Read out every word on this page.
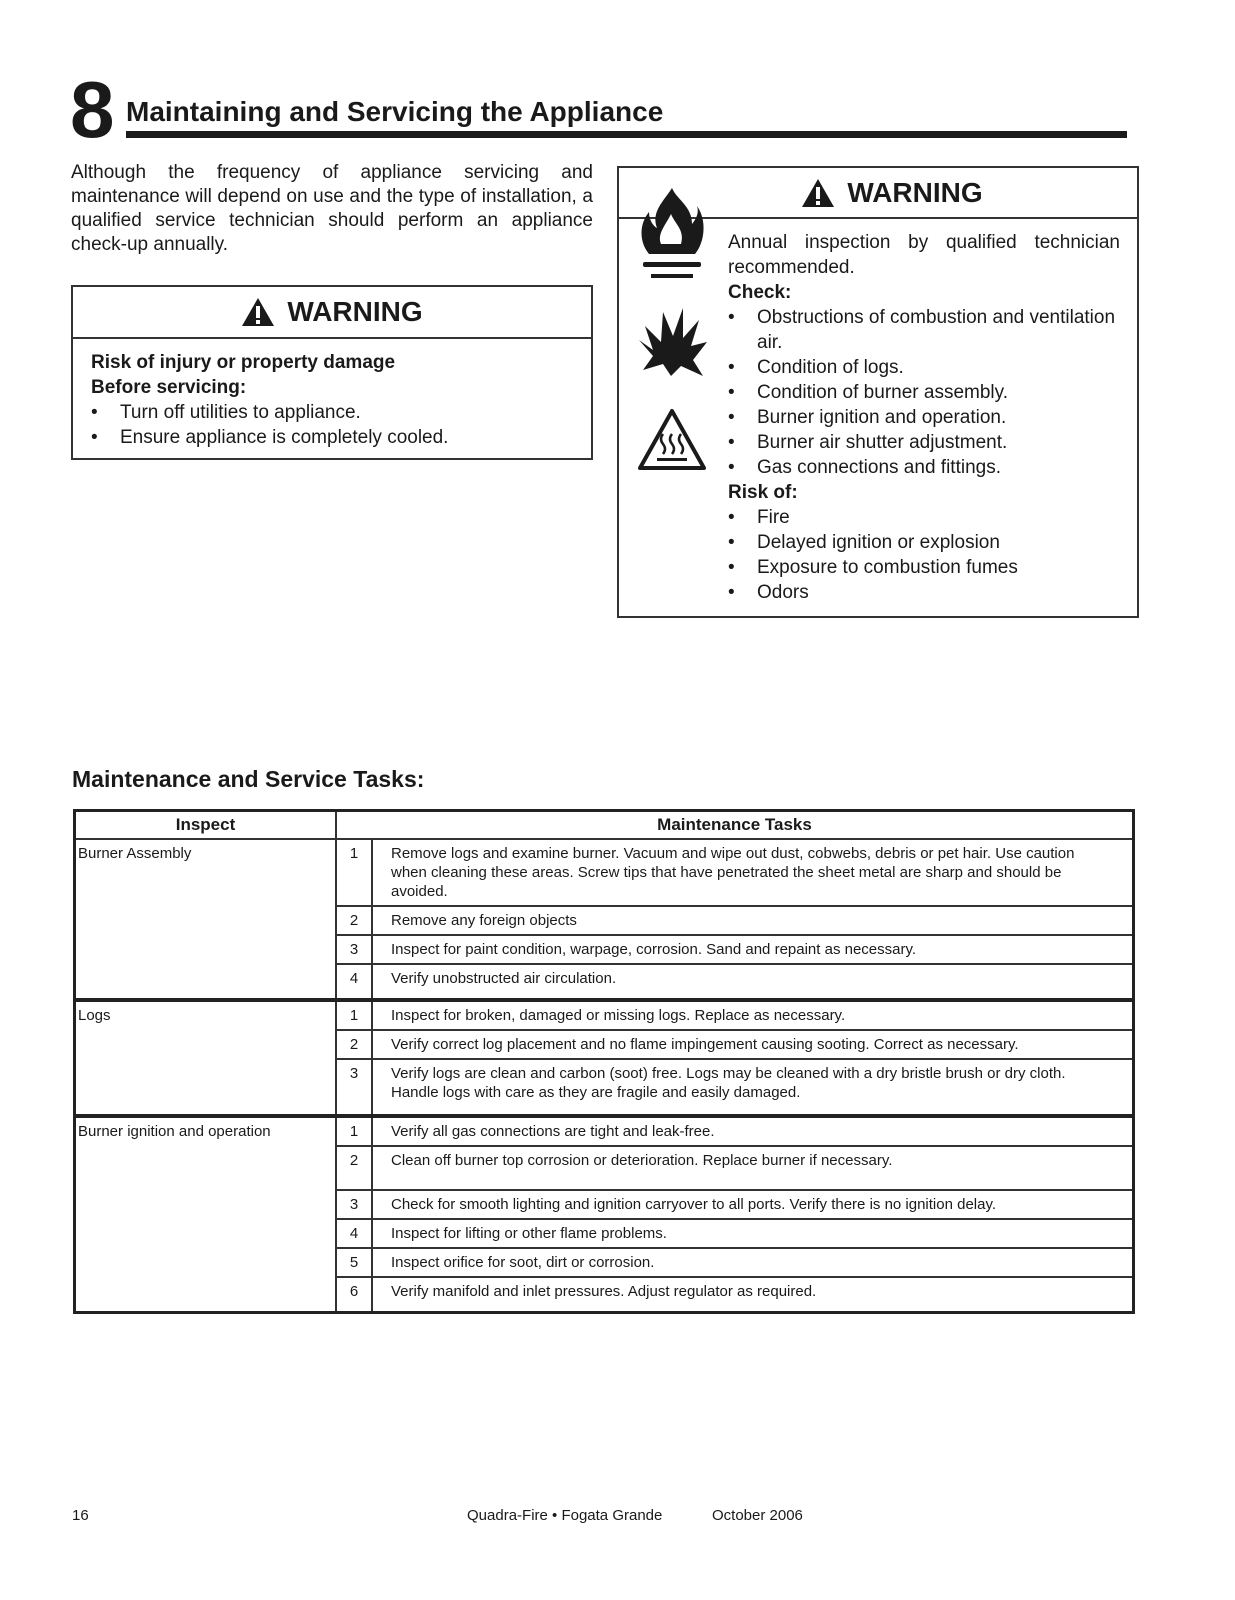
8 Maintaining and Servicing the Appliance
Although the frequency of appliance servicing and maintenance will depend on use and the type of installation, a qualified service technician should perform an appliance check-up annually.
WARNING
Risk of injury or property damage
Before servicing:
•	Turn off utilities to appliance.
•	Ensure appliance is completely cooled.
WARNING
Annual inspection by qualified technician recommended.
Check:
•	Obstructions of combustion and ventilation air.
•	Condition of logs.
•	Condition of burner assembly.
•	Burner ignition and operation.
•	Burner air shutter adjustment.
•	Gas connections and fittings.
Risk of:
•	Fire
•	Delayed ignition or explosion
•	Exposure to combustion fumes
•	Odors
Maintenance and Service Tasks:
Inspect	Maintenance Tasks	
Burner Assembly	1	Remove logs and examine burner. Vacuum and wipe out dust, cobwebs, debris or pet hair. Use caution when cleaning these areas. Screw tips that have penetrated the sheet metal are sharp and should be avoided.
	2	Remove any foreign objects
	3	Inspect for paint condition, warpage, corrosion. Sand and repaint as necessary.
	4	Verify unobstructed air circulation.
Logs	1	Inspect for broken, damaged or missing logs. Replace as necessary.
	2	Verify correct log placement and no flame impingement causing sooting. Correct as necessary.
	3	Verify logs are clean and carbon (soot) free. Logs may be cleaned with a dry bristle brush or dry cloth. Handle logs with care as they are fragile and easily damaged.
Burner ignition and operation	1	Verify all gas connections are tight and leak-free.
	2	Clean off burner top corrosion or deterioration. Replace burner if necessary.
	3	Check for smooth lighting and ignition carryover to all ports. Verify there is no ignition delay.
	4	Inspect for lifting or other flame problems.
	5	Inspect orifice for soot, dirt or corrosion.
	6	Verify manifold and inlet pressures. Adjust regulator as required.
16	Quadra-Fire • Fogata Grande	October 2006
